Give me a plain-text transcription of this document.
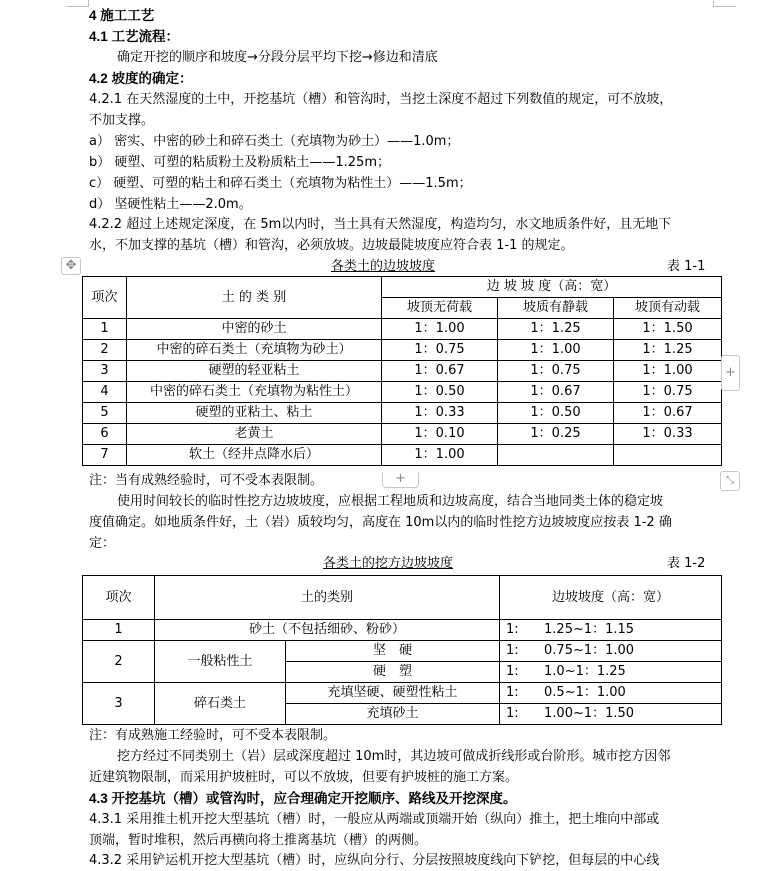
4 施工工艺
4.1 工艺流程：
确定开挖的顺序和坡度→分段分层平均下挖→修边和清底
4.2 坡度的确定：
4.2.1 在天然湿度的土中，开挖基坑（槽）和管沟时，当挖土深度不超过下列数值的规定，可不放坡，
不加支撑。
a） 密实、中密的砂土和碎石类土（充填物为砂土）——1.0m；
b） 硬塑、可塑的粘质粉土及粉质粘土——1.25m；
c） 硬塑、可塑的粘土和碎石类土（充填物为粘性土）——1.5m；
d） 坚硬性粘土——2.0m。
4.2.2 超过上述规定深度，在 5m以内时，当土具有天然湿度，构造均匀，水文地质条件好，且无地下
水，不加支撑的基坑（槽）和管沟，必须放坡。边坡最陡坡度应符合表 1-1 的规定。
✥	各类土的边坡坡度	表 1-1
项次	土 的 类 别	边 坡 坡 度（高：宽）		
		坡顶无荷载	坡质有静载	坡顶有动载
1	中密的砂土	1：1.00	1：1.25	1：1.50
2	中密的碎石类土（充填物为砂土）	1：0.75	1：1.00	1：1.25
3	硬塑的轻亚粘土	1：0.67	1：0.75	1：1.00
4	中密的碎石类土（充填物为粘性土）	1：0.50	1：0.67	1：0.75
5	硬塑的亚粘土、粘土	1：0.33	1：0.50	1：0.67
6	老黄土	1：0.10	1：0.25	1：0.33
7	软土（经井点降水后）	1：1.00		
+
+	⤡
注：当有成熟经验时，可不受本表限制。
使用时间较长的临时性挖方边坡坡度，应根据工程地质和边坡高度，结合当地同类土体的稳定坡
度值确定。如地质条件好，土（岩）质较均匀，高度在 10m以内的临时性挖方边坡坡度应按表 1-2 确
定：
各类土的挖方边坡坡度	表 1-2
项次	土的类别		边坡坡度（高：宽）
1	砂土（不包括细砂、粉砂）		1: 1.25~1：1.15
2	一般粘性土	坚　硬	1: 0.75~1：1.00
		硬　塑	1: 1.0~1：1.25
3	碎石类土	充填坚硬、硬塑性粘土	1: 0.5~1：1.00
		充填砂土	1: 1.00~1：1.50
注：有成熟施工经验时，可不受本表限制。
挖方经过不同类别土（岩）层或深度超过 10m时，其边坡可做成折线形或台阶形。城市挖方因邻
近建筑物限制，而采用护坡桩时，可以不放坡，但要有护坡桩的施工方案。
4.3 开挖基坑（槽）或管沟时，应合理确定开挖顺序、路线及开挖深度。
4.3.1 采用推土机开挖大型基坑（槽）时，一般应从两端或顶端开始（纵向）推土，把土堆向中部或
顶端，暂时堆积，然后再横向将土推离基坑（槽）的两侧。
4.3.2 采用铲运机开挖大型基坑（槽）时，应纵向分行、分层按照坡度线向下铲挖，但每层的中心线
